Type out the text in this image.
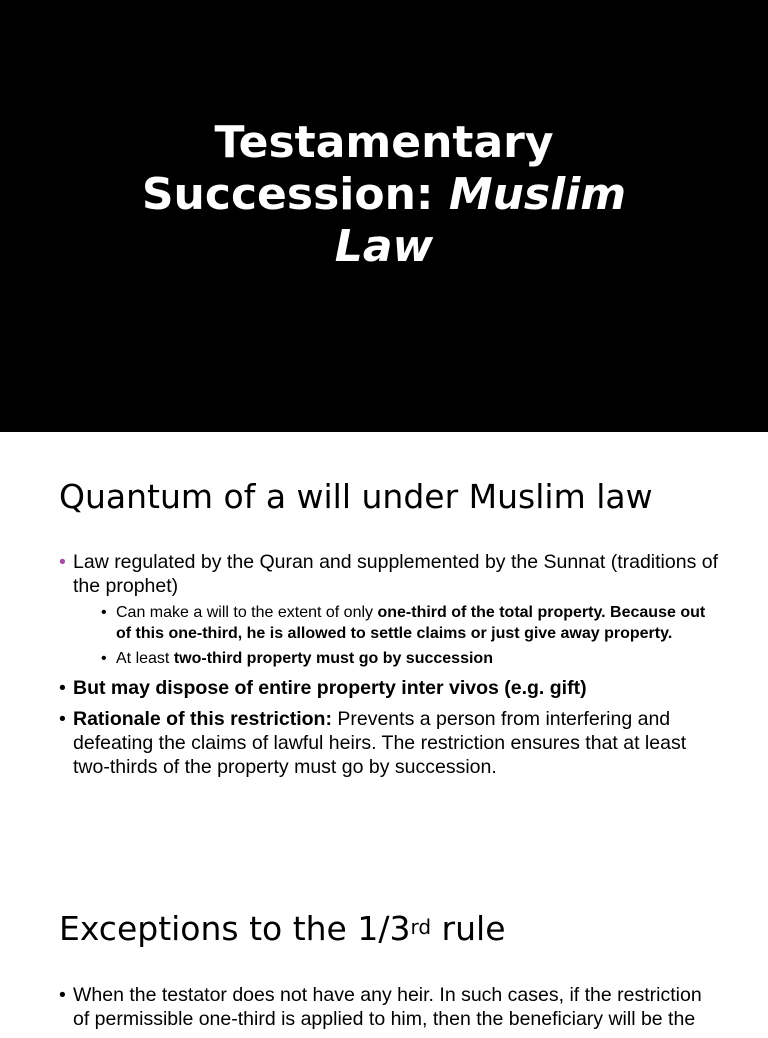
Testamentary
Succession: Muslim
Law
Quantum of a will under Muslim law
• Law regulated by the Quran and supplemented by the Sunnat (traditions of the prophet)
• Can make a will to the extent of only one-third of the total property. Because out of this one-third, he is allowed to settle claims or just give away property.
• At least two-third property must go by succession
• But may dispose of entire property inter vivos (e.g. gift)
• Rationale of this restriction: Prevents a person from interfering and defeating the claims of lawful heirs. The restriction ensures that at least two-thirds of the property must go by succession.
Exceptions to the 1/3rd rule
• When the testator does not have any heir. In such cases, if the restriction of permissible one-third is applied to him, then the beneficiary will be the
